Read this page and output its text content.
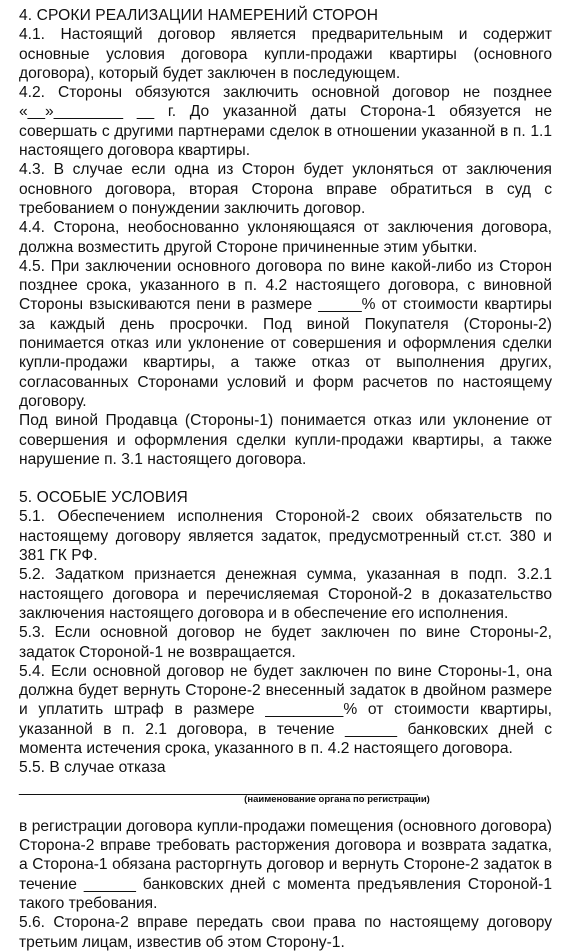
4. СРОКИ РЕАЛИЗАЦИИ НАМЕРЕНИЙ СТОРОН

4.1. Настоящий договор является предварительным и содержит основные условия договора купли-продажи квартиры (основного договора), который будет заключен в последующем.

4.2. Стороны обязуются заключить основной договор не позднее «__»________ __ г. До указанной даты Сторона-1 обязуется не совершать с другими партнерами сделок в отношении указанной в п. 1.1 настоящего договора квартиры.

4.3. В случае если одна из Сторон будет уклоняться от заключения основного договора, вторая Сторона вправе обратиться в суд с требованием о понуждении заключить договор.

4.4. Сторона, необоснованно уклоняющаяся от заключения договора, должна возместить другой Стороне причиненные этим убытки.

4.5. При заключении основного договора по вине какой-либо из Сторон позднее срока, указанного в п. 4.2 настоящего договора, с виновной Стороны взыскиваются пени в размере _____% от стоимости квартиры за каждый день просрочки. Под виной Покупателя (Стороны-2) понимается отказ или уклонение от совершения и оформления сделки купли-продажи квартиры, а также отказ от выполнения других, согласованных Сторонами условий и форм расчетов по настоящему договору.

Под виной Продавца (Стороны-1) понимается отказ или уклонение от совершения и оформления сделки купли-продажи квартиры, а также нарушение п. 3.1 настоящего договора.

5. ОСОБЫЕ УСЛОВИЯ

5.1. Обеспечением исполнения Стороной-2 своих обязательств по настоящему договору является задаток, предусмотренный ст.ст. 380 и 381 ГК РФ.

5.2. Задатком признается денежная сумма, указанная в подп. 3.2.1 настоящего договора и перечисляемая Стороной-2 в доказательство заключения настоящего договора и в обеспечение его исполнения.

5.3. Если основной договор не будет заключен по вине Стороны-2, задаток Стороной-1 не возвращается.

5.4. Если основной договор не будет заключен по вине Стороны-1, она должна будет вернуть Стороне-2 внесенный задаток в двойном размере и уплатить штраф в размере _________% от стоимости квартиры, указанной в п. 2.1 договора, в течение ______ банковских дней с момента истечения срока, указанного в п. 4.2 настоящего договора.

5.5. В случае отказа ______________________________________________

(наименование органа по регистрации)

в регистрации договора купли-продажи помещения (основного договора) Сторона-2 вправе требовать расторжения договора и возврата задатка, а Сторона-1 обязана расторгнуть договор и вернуть Стороне-2 задаток в течение ______ банковских дней с момента предъявления Стороной-1 такого требования.

5.6. Сторона-2 вправе передать свои права по настоящему договору третьим лицам, известив об этом Сторону-1.
